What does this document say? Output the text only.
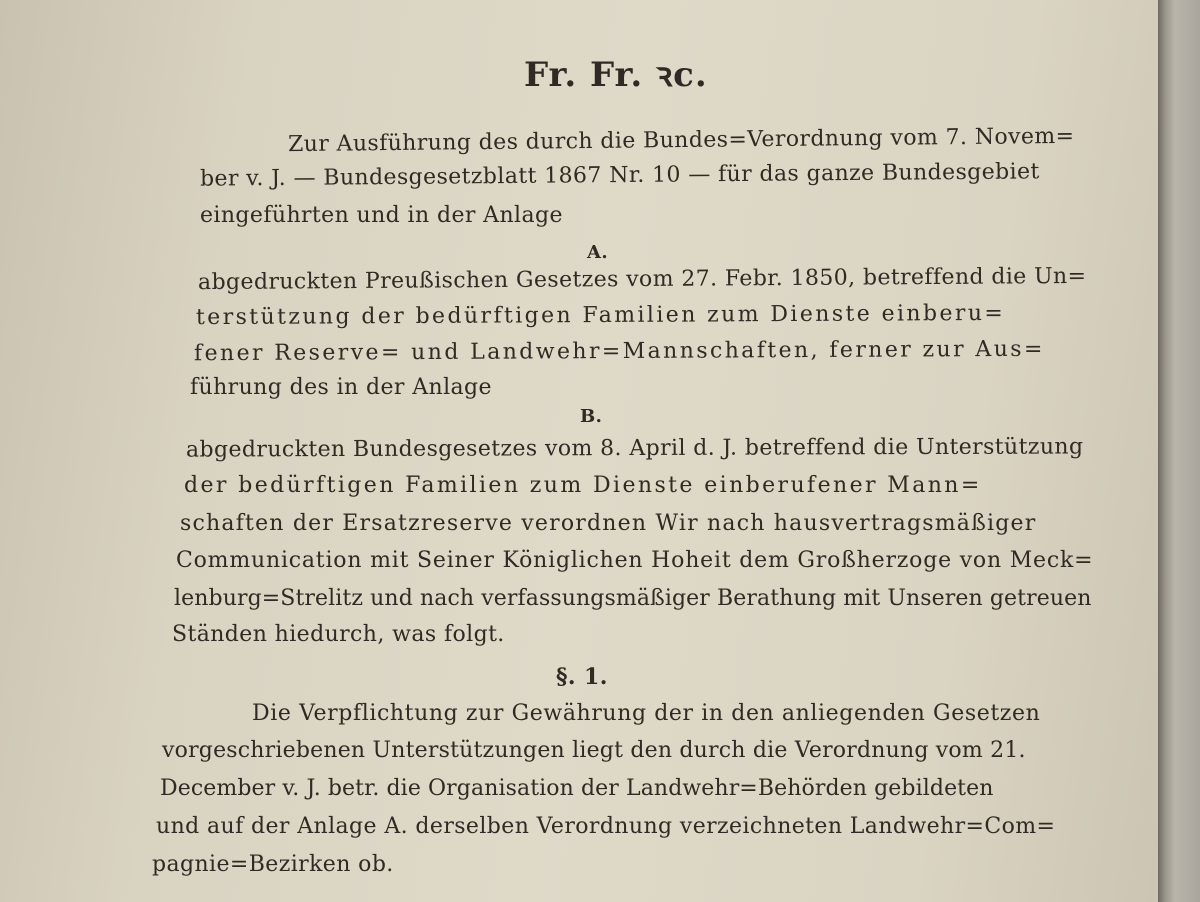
Fr. Fr. ꝛc.

Zur Ausführung des durch die Bundes=Verordnung vom 7. Novem=

ber v. J. — Bundesgesetzblatt 1867 Nr. 10 — für das ganze Bundesgebiet

eingeführten und in der Anlage

A.

abgedruckten Preußischen Gesetzes vom 27. Febr. 1850, betreffend die Un=

terstützung der bedürftigen Familien zum Dienste einberu=

fener Reserve= und Landwehr=Mannschaften, ferner zur Aus=

führung des in der Anlage

B.

abgedruckten Bundesgesetzes vom 8. April d. J. betreffend die Unterstützung

der bedürftigen Familien zum Dienste einberufener Mann=

schaften der Ersatzreserve verordnen Wir nach hausvertragsmäßiger

Communication mit Seiner Königlichen Hoheit dem Großherzoge von Meck=

lenburg=Strelitz und nach verfassungsmäßiger Berathung mit Unseren getreuen

Ständen hiedurch, was folgt.

§. 1.

Die Verpflichtung zur Gewährung der in den anliegenden Gesetzen

vorgeschriebenen Unterstützungen liegt den durch die Verordnung vom 21.

December v. J. betr. die Organisation der Landwehr=Behörden gebildeten

und auf der Anlage A. derselben Verordnung verzeichneten Landwehr=Com=

pagnie=Bezirken ob.
